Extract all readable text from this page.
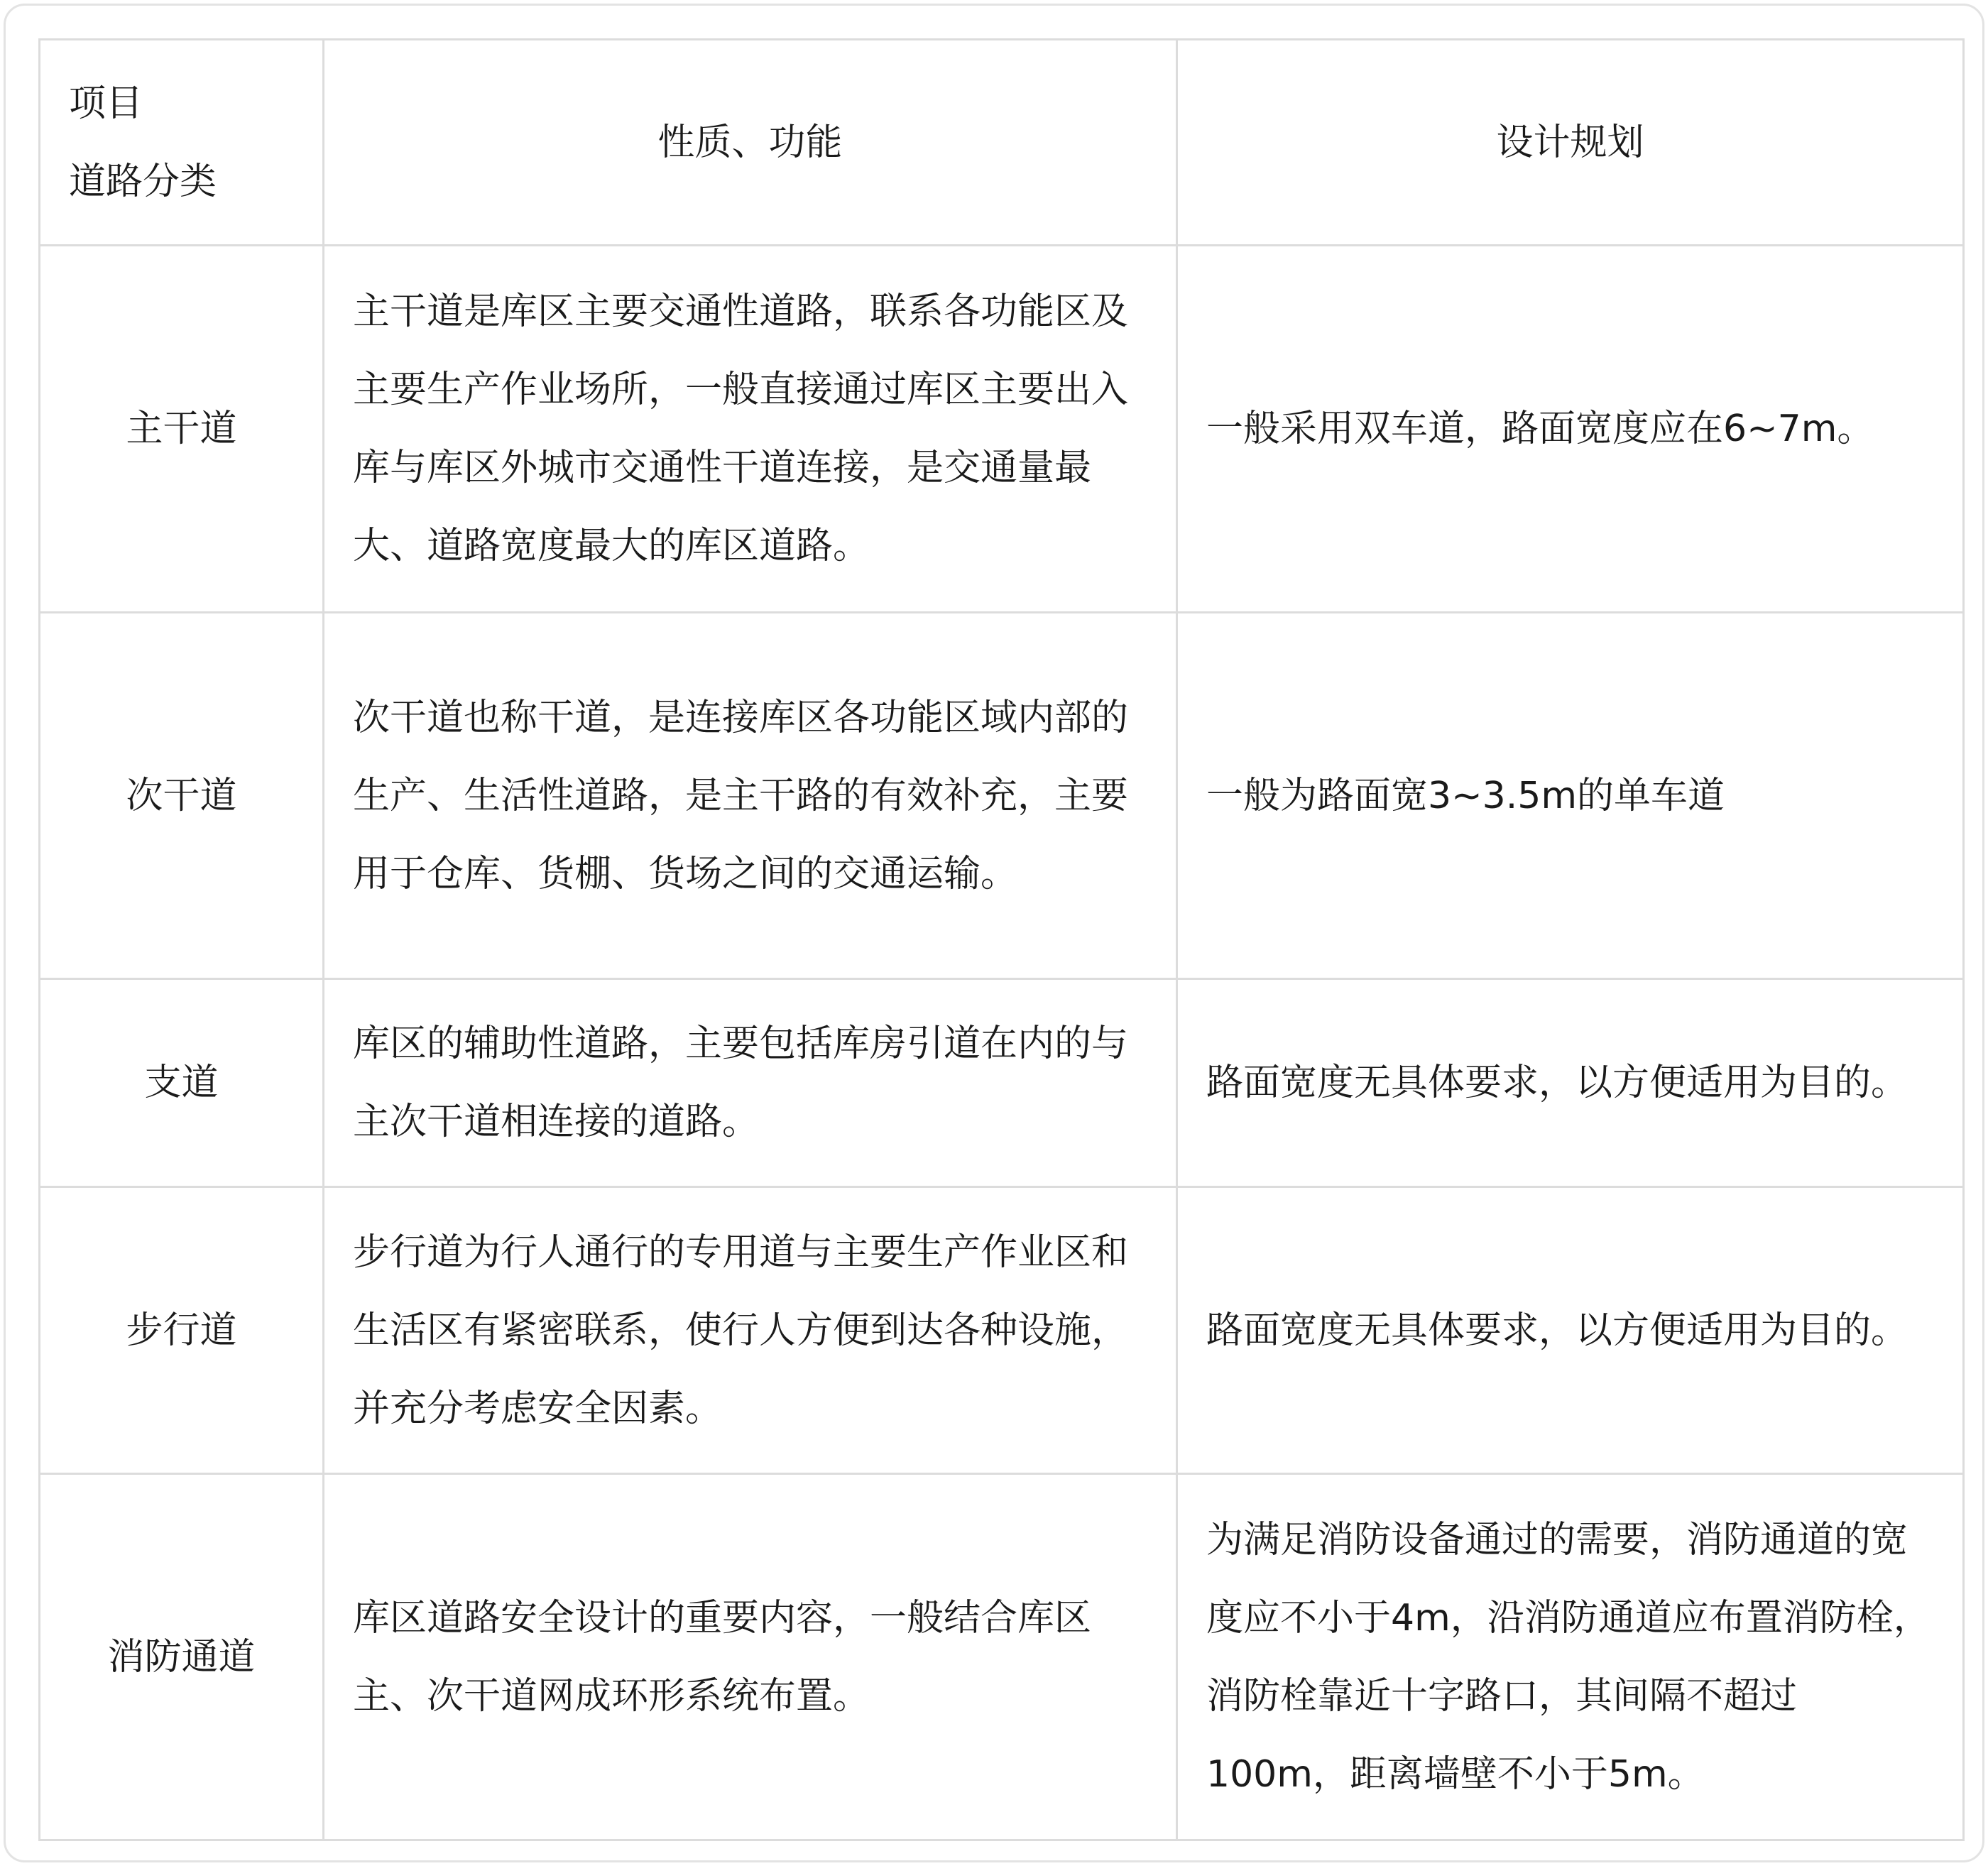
项目
道路分类	性质、功能	设计规划
主干道	主干道是库区主要交通性道路，联系各功能区及主要生产作业场所，一般直接通过库区主要出入库与库区外城市交通性干道连接，是交通量最大、道路宽度最大的库区道路。	一般采用双车道，路面宽度应在6~7m。
次干道	次干道也称干道，是连接库区各功能区域内部的生产、生活性道路，是主干路的有效补充，主要用于仓库、货棚、货场之间的交通运输。	一般为路面宽3~3.5m的单车道
支道	库区的辅助性道路，主要包括库房引道在内的与主次干道相连接的道路。	路面宽度无具体要求，以方便适用为目的。
步行道	步行道为行人通行的专用道与主要生产作业区和生活区有紧密联系，使行人方便到达各种设施，并充分考虑安全因素。	路面宽度无具体要求，以方便适用为目的。
消防通道	库区道路安全设计的重要内容，一般结合库区主、次干道网成环形系统布置。	为满足消防设备通过的需要，消防通道的宽度应不小于4m，沿消防通道应布置消防栓，消防栓靠近十字路口，其间隔不超过100m，距离墙壁不小于5m。
